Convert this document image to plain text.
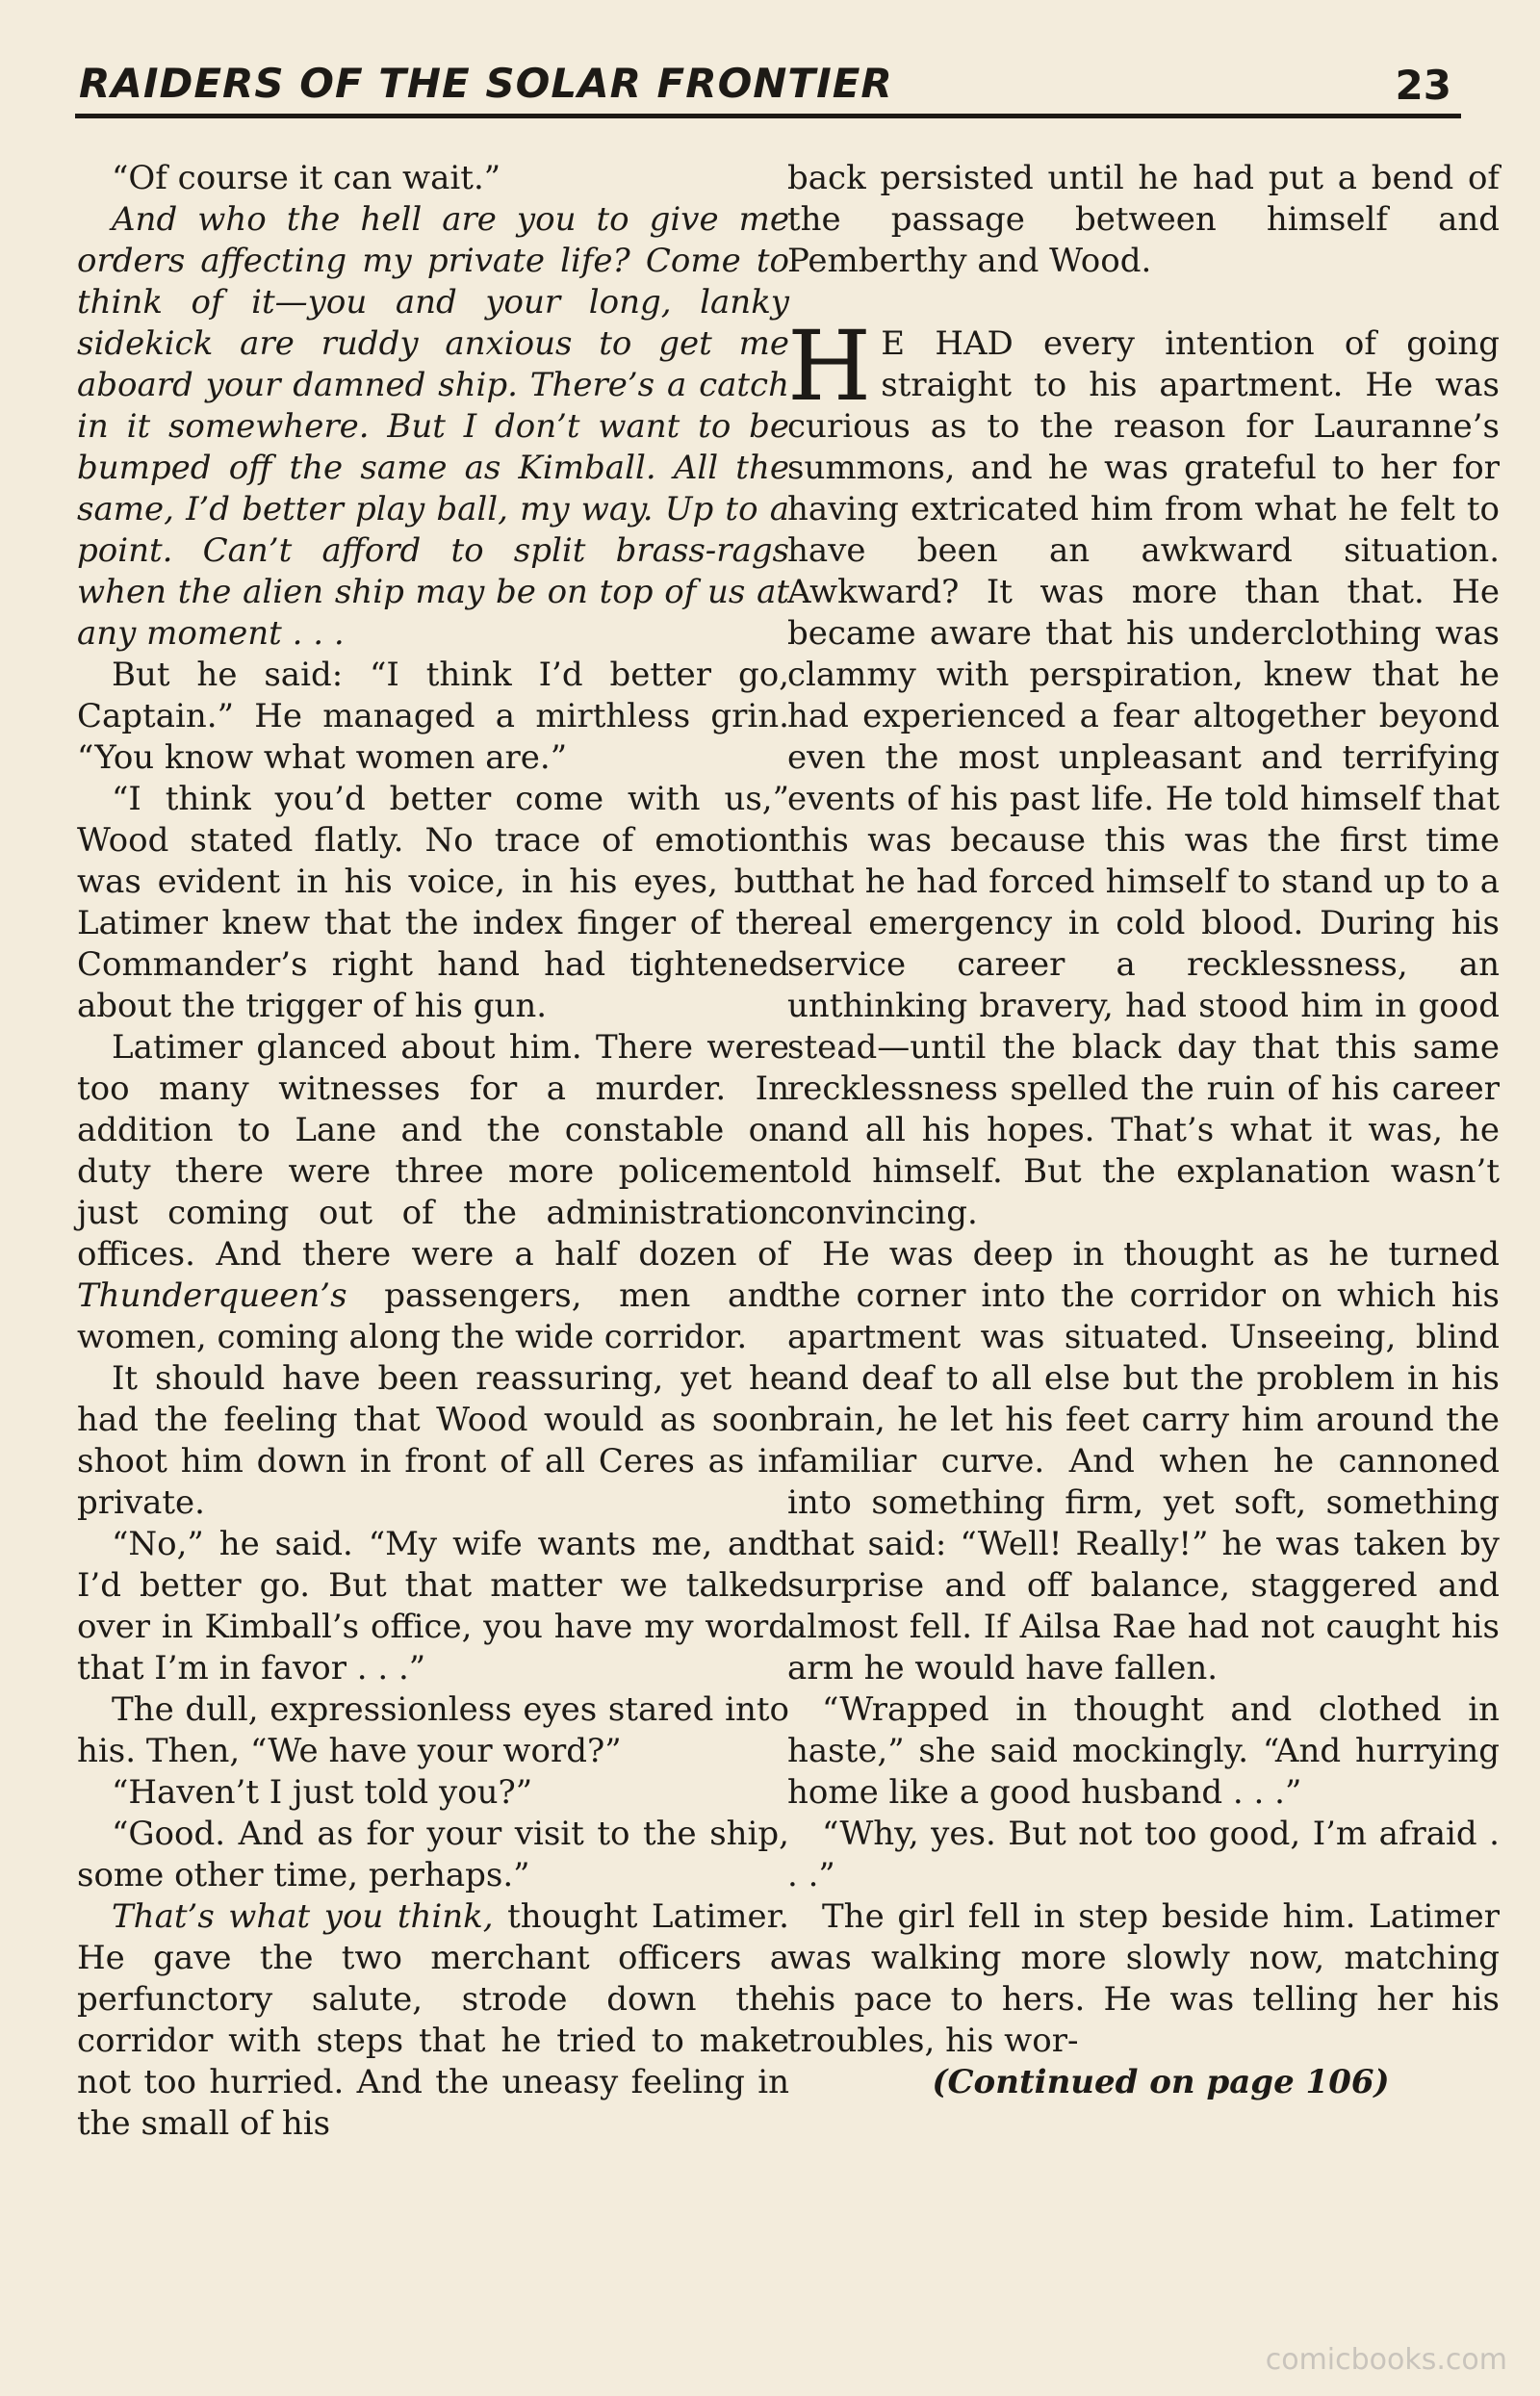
RAIDERS OF THE SOLAR FRONTIER	23

“Of course it can wait.”

And who the hell are you to give me orders affecting my private life? Come to think of it—you and your long, lanky sidekick are ruddy anxious to get me aboard your damned ship. There’s a catch in it somewhere. But I don’t want to be bumped off the same as Kimball. All the same, I’d better play ball, my way. Up to a point. Can’t afford to split brass-rags when the alien ship may be on top of us at any moment . . .

But he said: “I think I’d better go, Captain.” He managed a mirthless grin. “You know what women are.”

“I think you’d better come with us,” Wood stated flatly. No trace of emotion was evident in his voice, in his eyes, but Latimer knew that the index finger of the Commander’s right hand had tightened about the trigger of his gun.

Latimer glanced about him. There were too many witnesses for a murder. In addition to Lane and the constable on duty there were three more policemen just coming out of the administration offices. And there were a half dozen of Thunderqueen’s passengers, men and women, coming along the wide corridor.

It should have been reassuring, yet he had the feeling that Wood would as soon shoot him down in front of all Ceres as in private.

“No,” he said. “My wife wants me, and I’d better go. But that matter we talked over in Kimball’s office, you have my word that I’m in favor . . .”

The dull, expressionless eyes stared into his. Then, “We have your word?”

“Haven’t I just told you?”

“Good. And as for your visit to the ship, some other time, perhaps.”

That’s what you think, thought Latimer. He gave the two merchant officers a perfunctory salute, strode down the corridor with steps that he tried to make not too hurried. And the uneasy feeling in the small of his

back persisted until he had put a bend of the passage between himself and Pemberthy and Wood.

H E HAD every intention of going straight to his apartment. He was curious as to the reason for Lauranne’s summons, and he was grateful to her for having extricated him from what he felt to have been an awkward situation. Awkward? It was more than that. He became aware that his underclothing was clammy with perspiration, knew that he had experienced a fear altogether beyond even the most unpleasant and terrifying events of his past life. He told himself that this was because this was the first time that he had forced himself to stand up to a real emergency in cold blood. During his service career a recklessness, an unthinking bravery, had stood him in good stead—until the black day that this same recklessness spelled the ruin of his career and all his hopes. That’s what it was, he told himself. But the explanation wasn’t convincing.

He was deep in thought as he turned the corner into the corridor on which his apartment was situated. Unseeing, blind and deaf to all else but the problem in his brain, he let his feet carry him around the familiar curve. And when he cannoned into something firm, yet soft, something that said: “Well! Really!” he was taken by surprise and off balance, staggered and almost fell. If Ailsa Rae had not caught his arm he would have fallen.

“Wrapped in thought and clothed in haste,” she said mockingly. “And hurrying home like a good husband . . .”

“Why, yes. But not too good, I’m afraid . . .”

The girl fell in step beside him. Latimer was walking more slowly now, matching his pace to hers. He was telling her his troubles, his wor-

(Continued on page 106)

comicbooks.com
